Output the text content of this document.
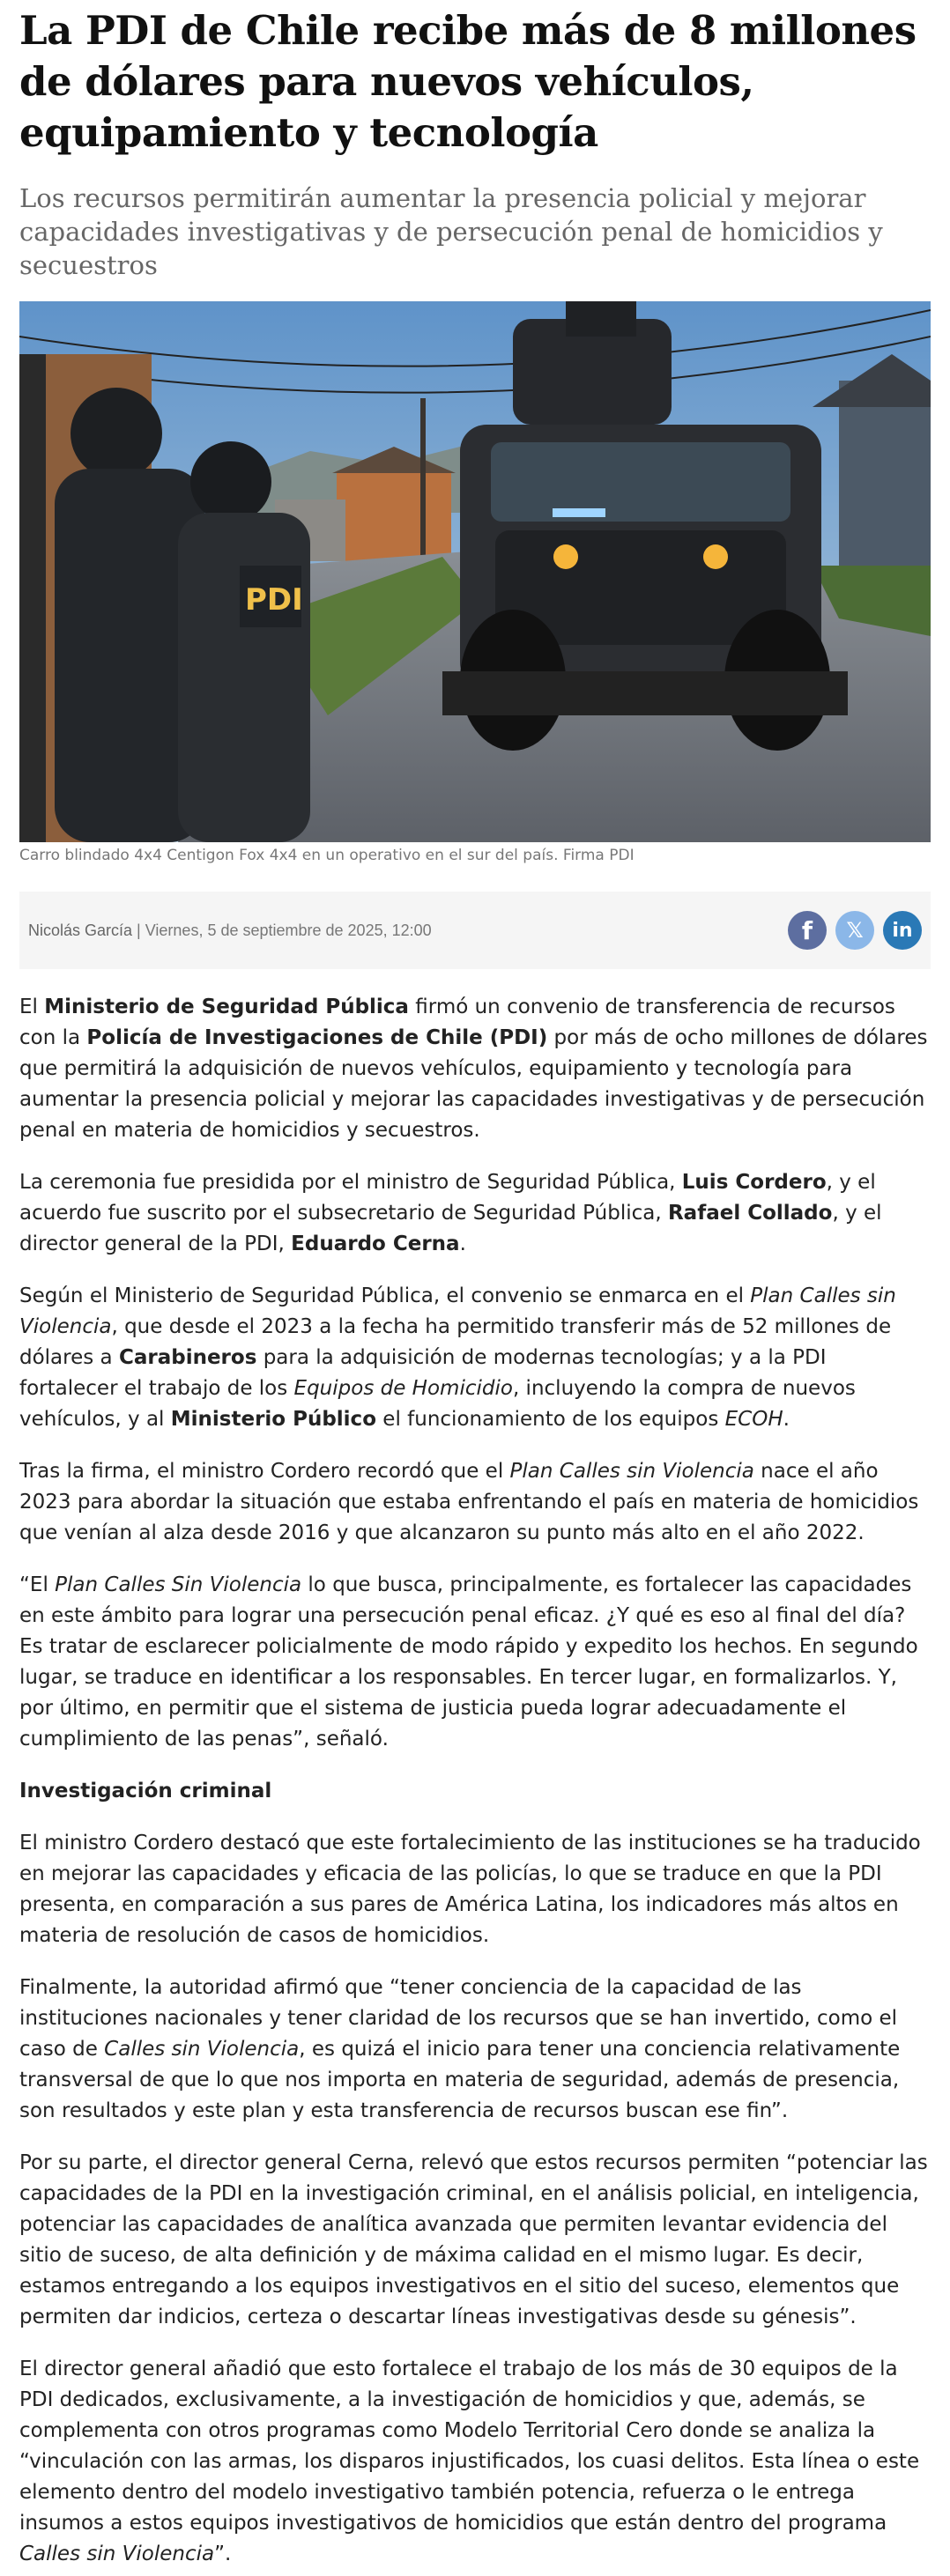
La PDI de Chile recibe más de 8 millones de dólares para nuevos vehículos, equipamiento y tecnología

Los recursos permitirán aumentar la presencia policial y mejorar capacidades investigativas y de persecución penal de homicidios y secuestros

PDI
Carro blindado 4x4 Centigon Fox 4x4 en un operativo en el sur del país. Firma PDI
Nicolás García | Viernes, 5 de septiembre de 2025, 12:00	f 𝕏 in

El Ministerio de Seguridad Pública firmó un convenio de transferencia de recursos con la Policía de Investigaciones de Chile (PDI) por más de ocho millones de dólares que permitirá la adquisición de nuevos vehículos, equipamiento y tecnología para aumentar la presencia policial y mejorar las capacidades investigativas y de persecución penal en materia de homicidios y secuestros.

La ceremonia fue presidida por el ministro de Seguridad Pública, Luis Cordero, y el acuerdo fue suscrito por el subsecretario de Seguridad Pública, Rafael Collado, y el director general de la PDI, Eduardo Cerna.

Según el Ministerio de Seguridad Pública, el convenio se enmarca en el Plan Calles sin Violencia, que desde el 2023 a la fecha ha permitido transferir más de 52 millones de dólares a Carabineros para la adquisición de modernas tecnologías; y a la PDI fortalecer el trabajo de los Equipos de Homicidio, incluyendo la compra de nuevos vehículos, y al Ministerio Público el funcionamiento de los equipos ECOH.

Tras la firma, el ministro Cordero recordó que el Plan Calles sin Violencia nace el año 2023 para abordar la situación que estaba enfrentando el país en materia de homicidios que venían al alza desde 2016 y que alcanzaron su punto más alto en el año 2022.

“El Plan Calles Sin Violencia lo que busca, principalmente, es fortalecer las capacidades en este ámbito para lograr una persecución penal eficaz. ¿Y qué es eso al final del día? Es tratar de esclarecer policialmente de modo rápido y expedito los hechos. En segundo lugar, se traduce en identificar a los responsables. En tercer lugar, en formalizarlos. Y, por último, en permitir que el sistema de justicia pueda lograr adecuadamente el cumplimiento de las penas”, señaló.

Investigación criminal

El ministro Cordero destacó que este fortalecimiento de las instituciones se ha traducido en mejorar las capacidades y eficacia de las policías, lo que se traduce en que la PDI presenta, en comparación a sus pares de América Latina, los indicadores más altos en materia de resolución de casos de homicidios.

Finalmente, la autoridad afirmó que “tener conciencia de la capacidad de las instituciones nacionales y tener claridad de los recursos que se han invertido, como el caso de Calles sin Violencia, es quizá el inicio para tener una conciencia relativamente transversal de que lo que nos importa en materia de seguridad, además de presencia, son resultados y este plan y esta transferencia de recursos buscan ese fin”.

Por su parte, el director general Cerna, relevó que estos recursos permiten “potenciar las capacidades de la PDI en la investigación criminal, en el análisis policial, en inteligencia, potenciar las capacidades de analítica avanzada que permiten levantar evidencia del sitio de suceso, de alta definición y de máxima calidad en el mismo lugar. Es decir, estamos entregando a los equipos investigativos en el sitio del suceso, elementos que permiten dar indicios, certeza o descartar líneas investigativas desde su génesis”.

El director general añadió que esto fortalece el trabajo de los más de 30 equipos de la PDI dedicados, exclusivamente, a la investigación de homicidios y que, además, se complementa con otros programas como Modelo Territorial Cero donde se analiza la “vinculación con las armas, los disparos injustificados, los cuasi delitos. Esta línea o este elemento dentro del modelo investigativo también potencia, refuerza o le entrega insumos a estos equipos investigativos de homicidios que están dentro del programa Calles sin Violencia”.
